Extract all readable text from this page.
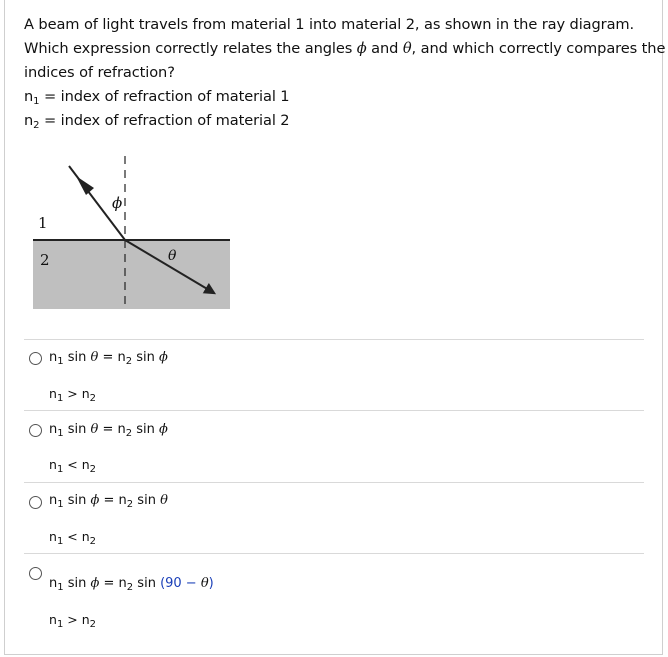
A beam of light travels from material 1 into material 2, as shown in the ray diagram.
Which expression correctly relates the angles ϕ and θ, and which correctly compares the
indices of refraction?
$n_1$ = index of refraction of material 1
$n_2$ = index of refraction of material 2
ϕ
θ
1
2
$n_1$ $\sin \theta = n_2$ sin ϕ
$n_1 > n_2$
$n_1$ $\sin \theta = n_2$ sin ϕ
$n_1 < n_2$
$n_1$ $\sin \phi = n_2$ sin θ
$n_1 < n_2$
$n_1$ $\sin \phi = n_2$ sin (90 − θ)
$n_1 > n_2$
